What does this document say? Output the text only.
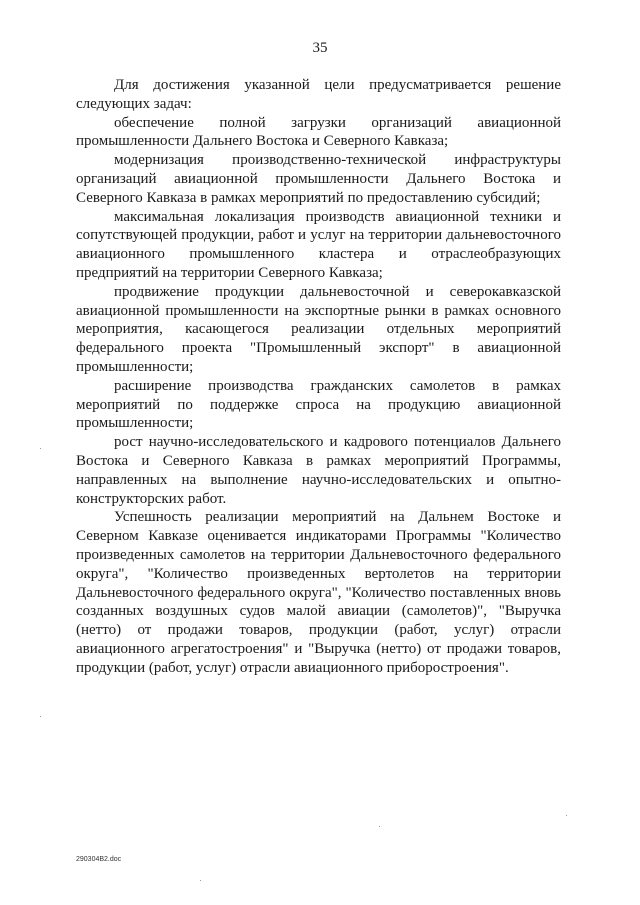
35

Для достижения указанной цели предусматривается решение следующих задач:

обеспечение полной загрузки организаций авиационной промышленности Дальнего Востока и Северного Кавказа;

модернизация производственно-технической инфраструктуры организаций авиационной промышленности Дальнего Востока и Северного Кавказа в рамках мероприятий по предоставлению субсидий;

максимальная локализация производств авиационной техники и сопутствующей продукции, работ и услуг на территории дальневосточного авиационного промышленного кластера и отраслеобразующих предприятий на территории Северного Кавказа;

продвижение продукции дальневосточной и северокавказской авиационной промышленности на экспортные рынки в рамках основного мероприятия, касающегося реализации отдельных мероприятий федерального проекта "Промышленный экспорт" в авиационной промышленности;

расширение производства гражданских самолетов в рамках мероприятий по поддержке спроса на продукцию авиационной промышленности;

рост научно-исследовательского и кадрового потенциалов Дальнего Востока и Северного Кавказа в рамках мероприятий Программы, направленных на выполнение научно-исследовательских и опытно-конструкторских работ.

Успешность реализации мероприятий на Дальнем Востоке и Северном Кавказе оценивается индикаторами Программы "Количество произведенных самолетов на территории Дальневосточного федерального округа", "Количество произведенных вертолетов на территории Дальневосточного федерального округа", "Количество поставленных вновь созданных воздушных судов малой авиации (самолетов)", "Выручка (нетто) от продажи товаров, продукции (работ, услуг) отрасли авиационного агрегатостроения" и "Выручка (нетто) от продажи товаров, продукции (работ, услуг) отрасли авиационного приборостроения".

290304B2.doc
